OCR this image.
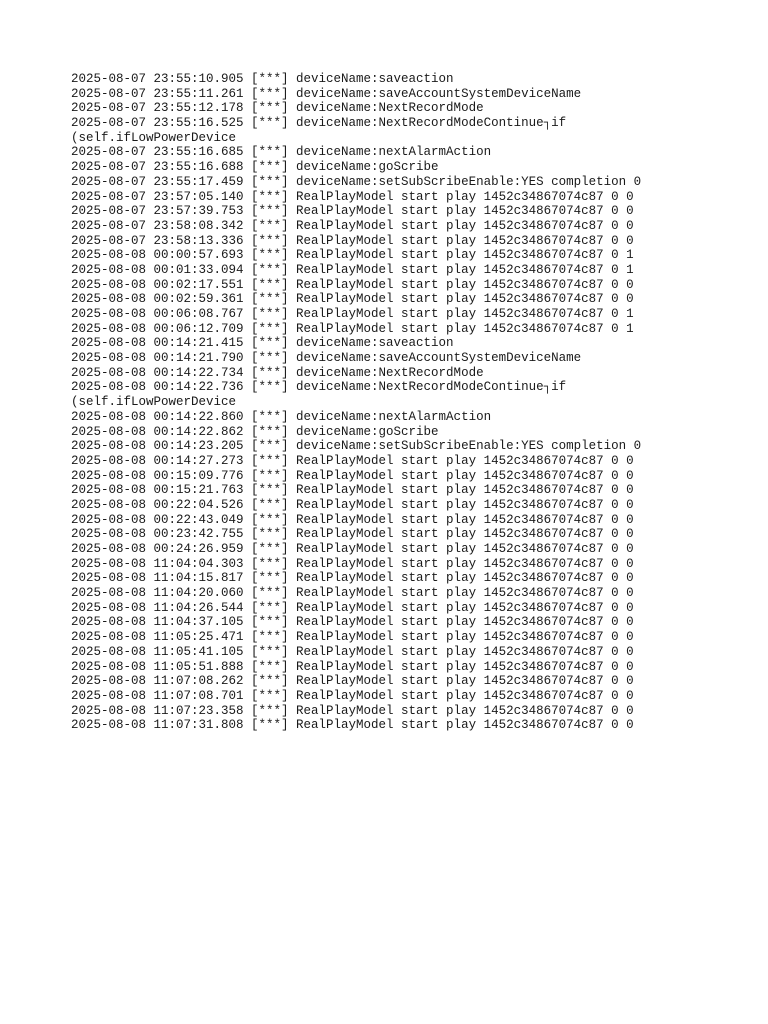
2025-08-07 23:55:10.905 [***] deviceName:saveaction
2025-08-07 23:55:11.261 [***] deviceName:saveAccountSystemDeviceName
2025-08-07 23:55:12.178 [***] deviceName:NextRecordMode
2025-08-07 23:55:16.525 [***] deviceName:NextRecordModeContinue┐if
(self.ifLowPowerDevice
2025-08-07 23:55:16.685 [***] deviceName:nextAlarmAction
2025-08-07 23:55:16.688 [***] deviceName:goScribe
2025-08-07 23:55:17.459 [***] deviceName:setSubScribeEnable:YES completion 0
2025-08-07 23:57:05.140 [***] RealPlayModel start play 1452c34867074c87 0 0
2025-08-07 23:57:39.753 [***] RealPlayModel start play 1452c34867074c87 0 0
2025-08-07 23:58:08.342 [***] RealPlayModel start play 1452c34867074c87 0 0
2025-08-07 23:58:13.336 [***] RealPlayModel start play 1452c34867074c87 0 0
2025-08-08 00:00:57.693 [***] RealPlayModel start play 1452c34867074c87 0 1
2025-08-08 00:01:33.094 [***] RealPlayModel start play 1452c34867074c87 0 1
2025-08-08 00:02:17.551 [***] RealPlayModel start play 1452c34867074c87 0 0
2025-08-08 00:02:59.361 [***] RealPlayModel start play 1452c34867074c87 0 0
2025-08-08 00:06:08.767 [***] RealPlayModel start play 1452c34867074c87 0 1
2025-08-08 00:06:12.709 [***] RealPlayModel start play 1452c34867074c87 0 1
2025-08-08 00:14:21.415 [***] deviceName:saveaction
2025-08-08 00:14:21.790 [***] deviceName:saveAccountSystemDeviceName
2025-08-08 00:14:22.734 [***] deviceName:NextRecordMode
2025-08-08 00:14:22.736 [***] deviceName:NextRecordModeContinue┐if
(self.ifLowPowerDevice
2025-08-08 00:14:22.860 [***] deviceName:nextAlarmAction
2025-08-08 00:14:22.862 [***] deviceName:goScribe
2025-08-08 00:14:23.205 [***] deviceName:setSubScribeEnable:YES completion 0
2025-08-08 00:14:27.273 [***] RealPlayModel start play 1452c34867074c87 0 0
2025-08-08 00:15:09.776 [***] RealPlayModel start play 1452c34867074c87 0 0
2025-08-08 00:15:21.763 [***] RealPlayModel start play 1452c34867074c87 0 0
2025-08-08 00:22:04.526 [***] RealPlayModel start play 1452c34867074c87 0 0
2025-08-08 00:22:43.049 [***] RealPlayModel start play 1452c34867074c87 0 0
2025-08-08 00:23:42.755 [***] RealPlayModel start play 1452c34867074c87 0 0
2025-08-08 00:24:26.959 [***] RealPlayModel start play 1452c34867074c87 0 0
2025-08-08 11:04:04.303 [***] RealPlayModel start play 1452c34867074c87 0 0
2025-08-08 11:04:15.817 [***] RealPlayModel start play 1452c34867074c87 0 0
2025-08-08 11:04:20.060 [***] RealPlayModel start play 1452c34867074c87 0 0
2025-08-08 11:04:26.544 [***] RealPlayModel start play 1452c34867074c87 0 0
2025-08-08 11:04:37.105 [***] RealPlayModel start play 1452c34867074c87 0 0
2025-08-08 11:05:25.471 [***] RealPlayModel start play 1452c34867074c87 0 0
2025-08-08 11:05:41.105 [***] RealPlayModel start play 1452c34867074c87 0 0
2025-08-08 11:05:51.888 [***] RealPlayModel start play 1452c34867074c87 0 0
2025-08-08 11:07:08.262 [***] RealPlayModel start play 1452c34867074c87 0 0
2025-08-08 11:07:08.701 [***] RealPlayModel start play 1452c34867074c87 0 0
2025-08-08 11:07:23.358 [***] RealPlayModel start play 1452c34867074c87 0 0
2025-08-08 11:07:31.808 [***] RealPlayModel start play 1452c34867074c87 0 0
